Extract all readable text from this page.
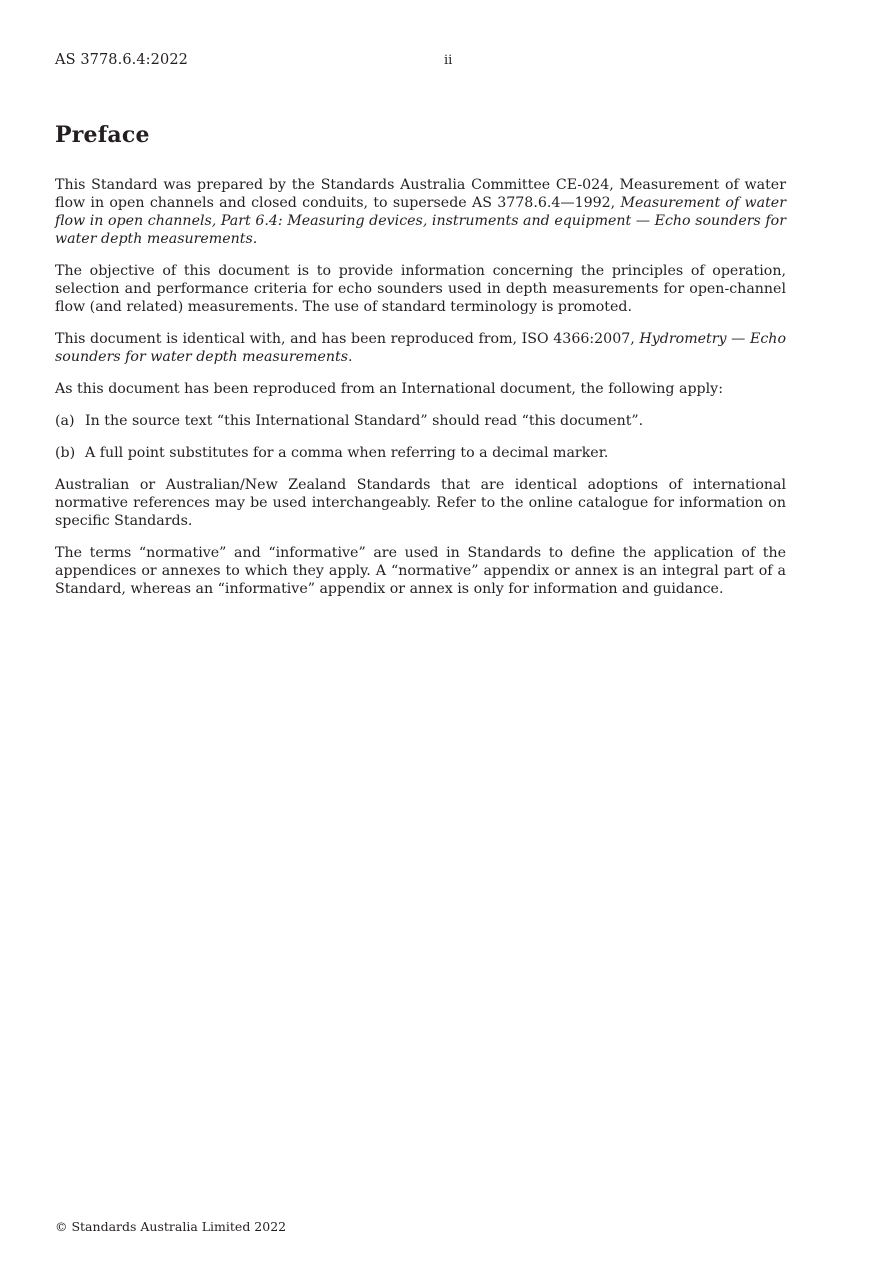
AS 3778.6.4:2022	ii
Preface

This Standard was prepared by the Standards Australia Committee CE-024, Measurement of water flow in open channels and closed conduits, to supersede AS 3778.6.4—1992, Measurement of water flow in open channels, Part 6.4: Measuring devices, instruments and equipment — Echo sounders for water depth measurements.

The objective of this document is to provide information concerning the principles of operation, selection and performance criteria for echo sounders used in depth measurements for open-channel flow (and related) measurements. The use of standard terminology is promoted.

This document is identical with, and has been reproduced from, ISO 4366:2007, Hydrometry — Echo sounders for water depth measurements.

As this document has been reproduced from an International document, the following apply:

(a) In the source text “this International Standard” should read “this document”.
(b) A full point substitutes for a comma when referring to a decimal marker.

Australian or Australian/New Zealand Standards that are identical adoptions of international normative references may be used interchangeably. Refer to the online catalogue for information on specific Standards.

The terms “normative” and “informative” are used in Standards to define the application of the appendices or annexes to which they apply. A “normative” appendix or annex is an integral part of a Standard, whereas an “informative” appendix or annex is only for information and guidance.

© Standards Australia Limited 2022
